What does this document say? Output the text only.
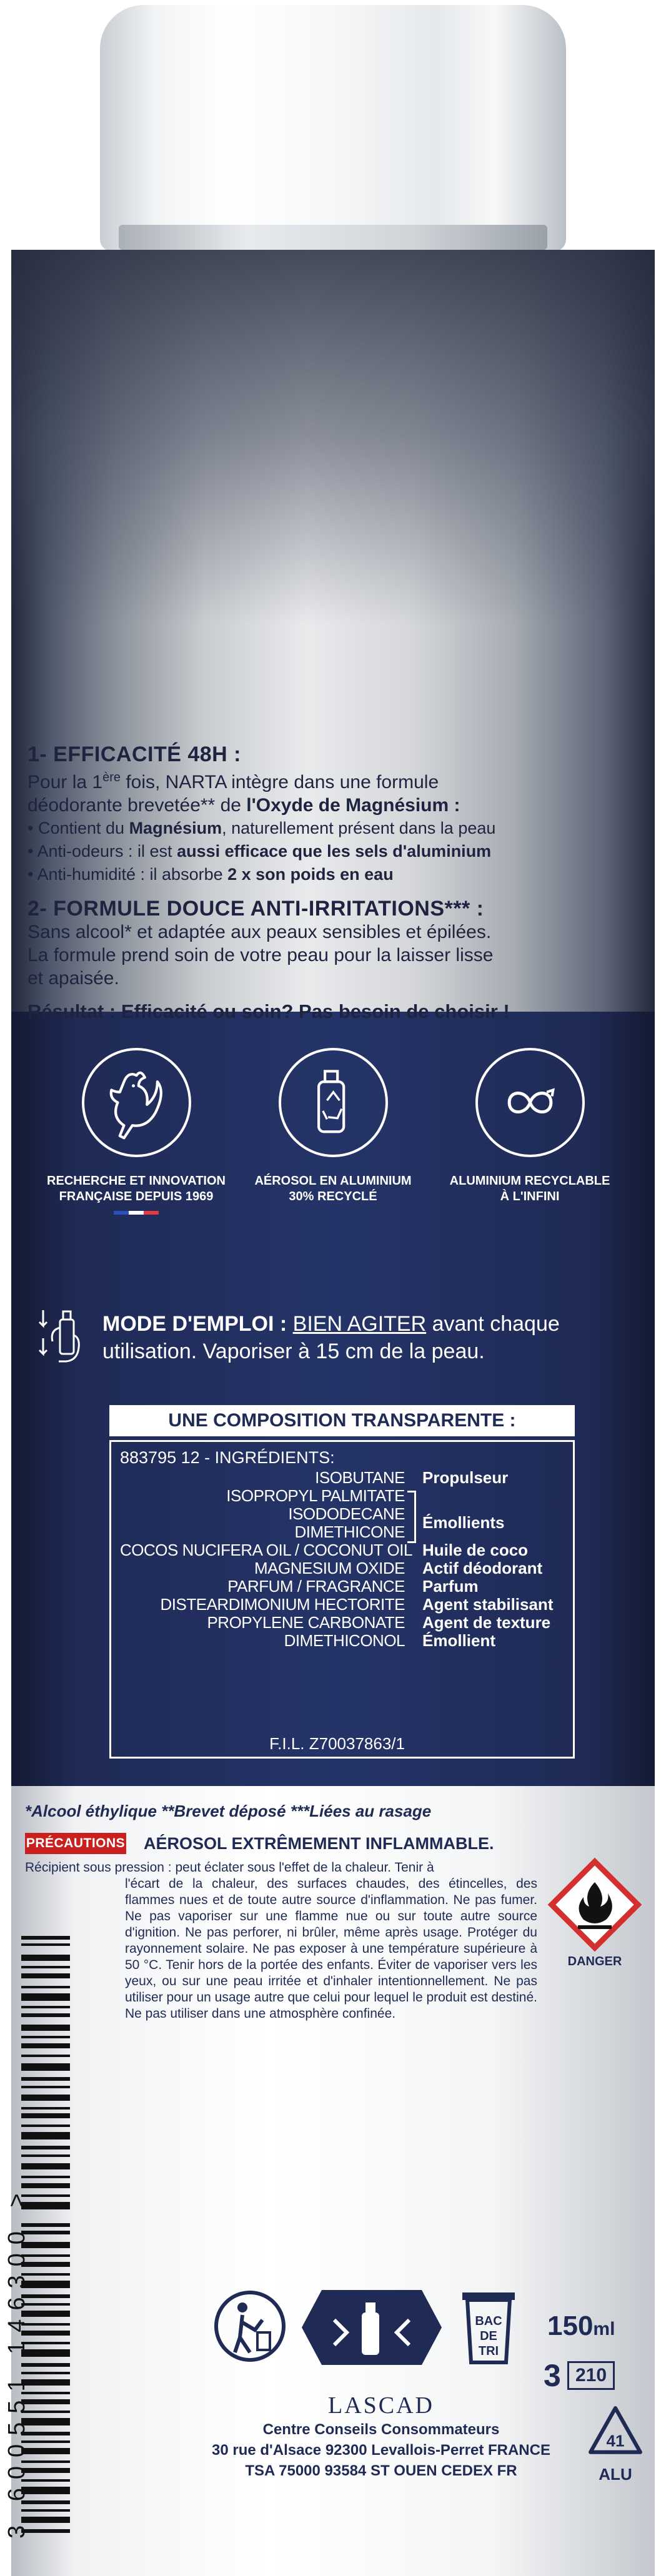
1- EFFICACITÉ 48H :

Pour la 1ère fois, NARTA intègre dans une formule

déodorante brevetée** de l'Oxyde de Magnésium :

• Contient du Magnésium, naturellement présent dans la peau

• Anti-odeurs : il est aussi efficace que les sels d'aluminium

• Anti-humidité : il absorbe 2 x son poids en eau

2- FORMULE DOUCE ANTI-IRRITATIONS*** :

Sans alcool* et adaptée aux peaux sensibles et épilées.

La formule prend soin de votre peau pour la laisser lisse

et apaisée.

Résultat : Efficacité ou soin? Pas besoin de choisir !

RECHERCHE ET INNOVATION
FRANÇAISE DEPUIS 1969
AÉROSOL EN ALUMINIUM
30% RECYCLÉ
ALUMINIUM RECYCLABLE
À L'INFINI
MODE D'EMPLOI : BIEN AGITER avant chaque
utilisation. Vaporiser à 15 cm de la peau.
UNE COMPOSITION TRANSPARENTE :
883795 12 - INGRÉDIENTS:
ISOBUTANE
ISOPROPYL PALMITATE
ISODODECANE
DIMETHICONE
COCOS NUCIFERA OIL / COCONUT OIL
MAGNESIUM OXIDE
PARFUM / FRAGRANCE
DISTEARDIMONIUM HECTORITE
PROPYLENE CARBONATE
DIMETHICONOL
Propulseur
Émollients
Huile de coco
Actif déodorant
Parfum
Agent stabilisant
Agent de texture
Émollient
F.I.L. Z70037863/1
*Alcool éthylique **Brevet déposé ***Liées au rasage
PRÉCAUTIONS AÉROSOL EXTRÊMEMENT INFLAMMABLE.

Récipient sous pression : peut éclater sous l'effet de la chaleur. Tenir à

l'écart de la chaleur, des surfaces chaudes, des étincelles, des flammes nues et de toute autre source d'inflammation. Ne pas fumer. Ne pas vaporiser sur une flamme nue ou sur toute autre source d'ignition. Ne pas perforer, ni brûler, même après usage. Protéger du rayonnement solaire. Ne pas exposer à une température supérieure à 50 °C. Tenir hors de la portée des enfants. Éviter de vaporiser vers les yeux, ou sur une peau irritée et d'inhaler intentionnellement. Ne pas utiliser pour un usage autre que celui pour lequel le produit est destiné. Ne pas utiliser dans une atmosphère confinée.

DANGER
3 600551 146300 >	BAC
DE
TRI
150ml
3 210
41
ALU
LASCAD
Centre Conseils Consommateurs
30 rue d'Alsace 92300 Levallois-Perret FRANCE
TSA 75000 93584 ST OUEN CEDEX FR
